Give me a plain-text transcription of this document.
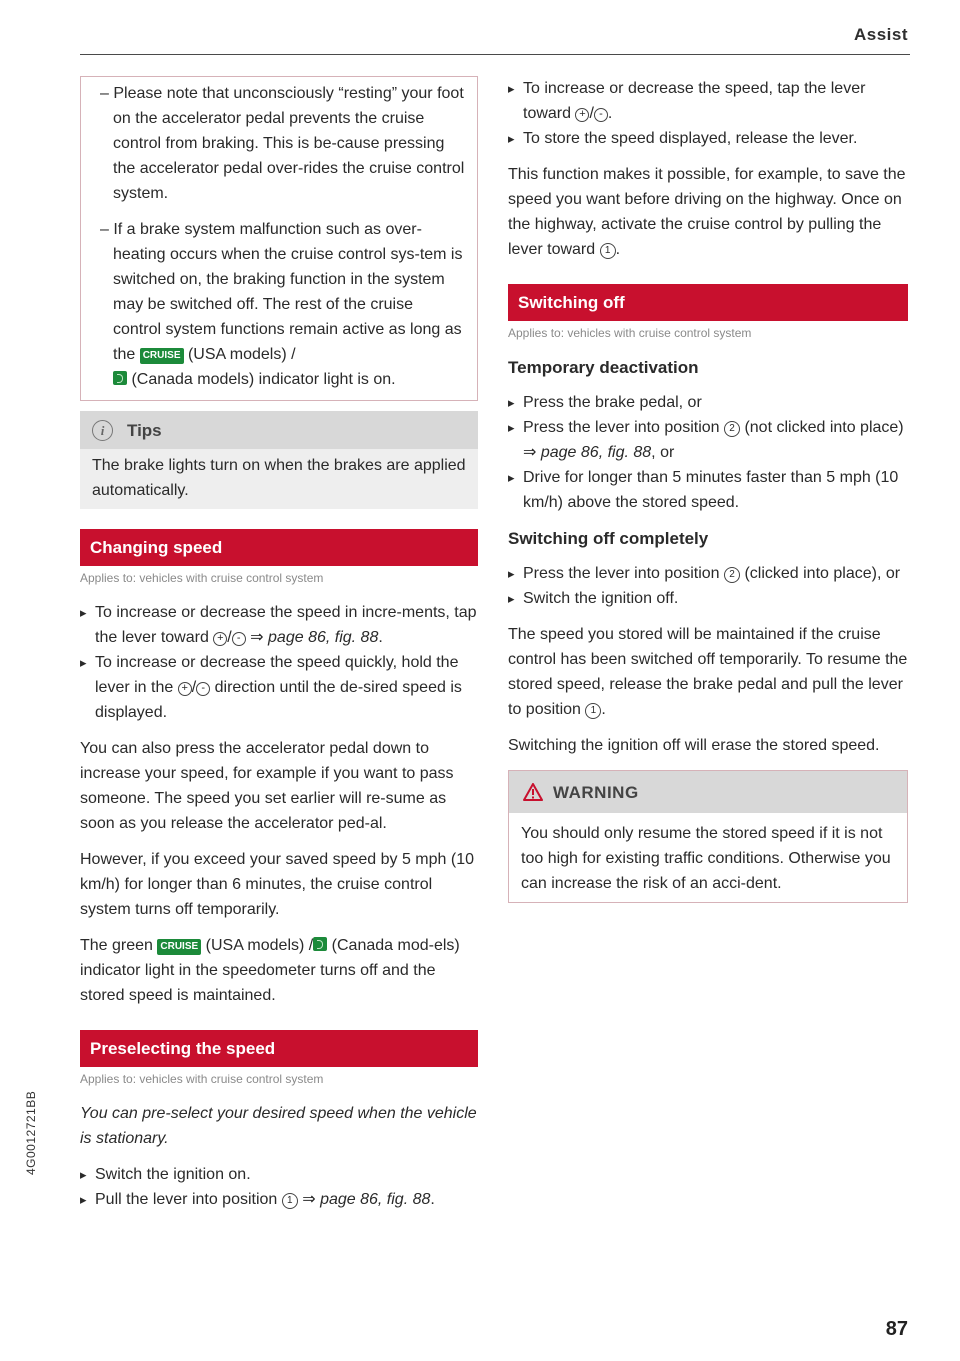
Assist

– Please note that unconsciously “resting” your foot on the accelerator pedal prevents the cruise control from braking. This is be-cause pressing the accelerator pedal over-rides the cruise control system.

– If a brake system malfunction such as over-heating occurs when the cruise control sys-tem is switched on, the braking function in the system may be switched off. The rest of the cruise control system functions remain active as long as the CRUISE (USA models) /
(Canada models) indicator light is on.

i	Tips
The brake lights turn on when the brakes are applied automatically.
Changing speed
Applies to: vehicles with cruise control system

▸ To increase or decrease the speed in incre-ments, tap the lever toward + / - ⇒ page 86, fig. 88.

▸ To increase or decrease the speed quickly, hold the lever in the + / - direction until the de-sired speed is displayed.

You can also press the accelerator pedal down to increase your speed, for example if you want to pass someone. The speed you set earlier will re-sume as soon as you release the accelerator ped-al.

However, if you exceed your saved speed by 5 mph (10 km/h) for longer than 6 minutes, the cruise control system turns off temporarily.

The green CRUISE (USA models) / (Canada mod-els) indicator light in the speedometer turns off and the stored speed is maintained.

Preselecting the speed
Applies to: vehicles with cruise control system

You can pre-select your desired speed when the vehicle is stationary.

▸ Switch the ignition on.

▸ Pull the lever into position 1 ⇒ page 86, fig. 88.

▸ To increase or decrease the speed, tap the lever toward + / - .

▸ To store the speed displayed, release the lever.

This function makes it possible, for example, to save the speed you want before driving on the highway. Once on the highway, activate the cruise control by pulling the lever toward 1 .

Switching off
Applies to: vehicles with cruise control system
Temporary deactivation

▸ Press the brake pedal, or

▸ Press the lever into position 2 (not clicked into place) ⇒ page 86, fig. 88, or

▸ Drive for longer than 5 minutes faster than 5 mph (10 km/h) above the stored speed.

Switching off completely

▸ Press the lever into position 2 (clicked into place), or

▸ Switch the ignition off.

The speed you stored will be maintained if the cruise control has been switched off temporarily. To resume the stored speed, release the brake pedal and pull the lever to position 1 .

Switching the ignition off will erase the stored speed.

WARNING
You should only resume the stored speed if it is not too high for existing traffic conditions. Otherwise you can increase the risk of an acci-dent.
4G0012721BB
87
